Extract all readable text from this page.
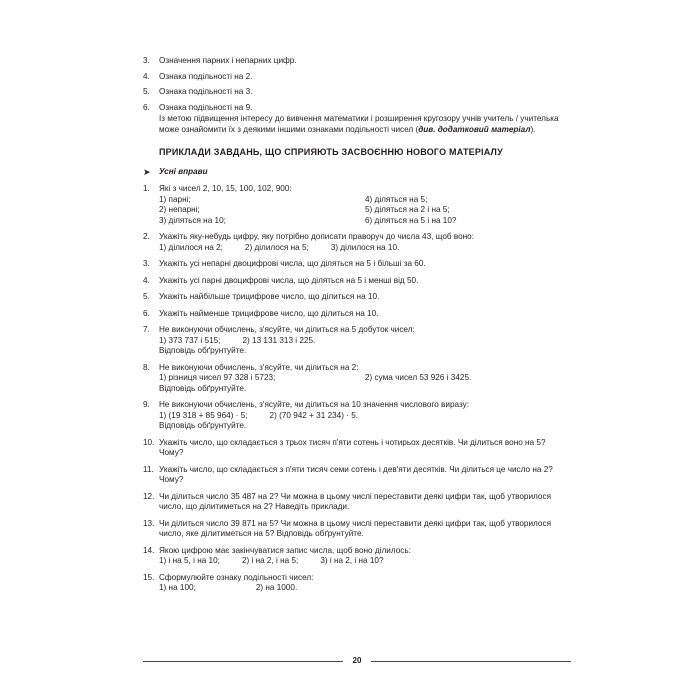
3.	Означення парних і непарних цифр.
4.	Ознака подільності на 2.
5.	Ознака подільності на 3.
6.	Ознака подільності на 9.

Із метою підвищення інтересу до вивчення математики і розширення кругозору учнів учитель / учителька може ознайомити їх з деякими іншими ознаками подільності чисел (див. додатковий матеріал).

ПРИКЛАДИ ЗАВДАНЬ, ЩО СПРИЯЮТЬ ЗАСВОЄННЮ НОВОГО МАТЕРІАЛУ
➤	Усні вправи
1.	Які з чисел 2, 10, 15, 100, 102, 900:
1) парні;	4) діляться на 5;
2) непарні;	5) діляться на 2 і на 5;
3) діляться на 10;	6) діляться на 5 і на 10?
2.	Укажіть яку-небудь цифру, яку потрібно дописати праворуч до числа 43, щоб воно:
1) ділилося на 2;	2) ділилося на 5;	3) ділилося на 10.
3.	Укажіть усі непарні двоцифрові числа, що діляться на 5 і більші за 60.
4.	Укажіть усі парні двоцифрові числа, що діляться на 5 і менші від 50.
5.	Укажіть найбільше трицифрове число, що ділиться на 10.
6.	Укажіть найменше трицифрове число, що ділиться на 10.
7.	Не виконуючи обчислень, з'ясуйте, чи ділиться на 5 добуток чисел:
1) 373 737 і 515;	2) 13 131 313 і 225.
Відповідь обґрунтуйте.
8.	Не виконуючи обчислень, з'ясуйте, чи ділиться на 2:
1) різниця чисел 97 328 і 5723;	2) сума чисел 53 926 і 3425.
Відповідь обґрунтуйте.
9.	Не виконуючи обчислень, з'ясуйте, чи ділиться на 10 значення числового виразу:
1) (19 318 + 85 964) · 5;	2) (70 942 + 31 234) · 5.
Відповідь обґрунтуйте.
10. Укажіть число, що складається з трьох тисяч п'яти сотень і чотирьох десятків. Чи ділиться воно на 5? Чому?
11. Укажіть число, що складається з п'яти тисяч семи сотень і дев'яти десятків. Чи ділиться це число на 2? Чому?
12. Чи ділиться число 35 487 на 2? Чи можна в цьому числі переставити деякі цифри так, щоб утворилося число, що ділитиметься на 2? Наведіть приклади.
13. Чи ділиться число 39 871 на 5? Чи можна в цьому числі переставити деякі цифри так, щоб утворилося число, яке ділитиметься на 5? Відповідь обґрунтуйте.
14. Якою цифрою має закінчуватися запис числа, щоб воно ділилось:
1) і на 5, і на 10;	2) і на 2, і на 5;	3) і на 2, і на 10?
15. Сформулюйте ознаку подільності чисел:
1) на 100;	2) на 1000.
20
